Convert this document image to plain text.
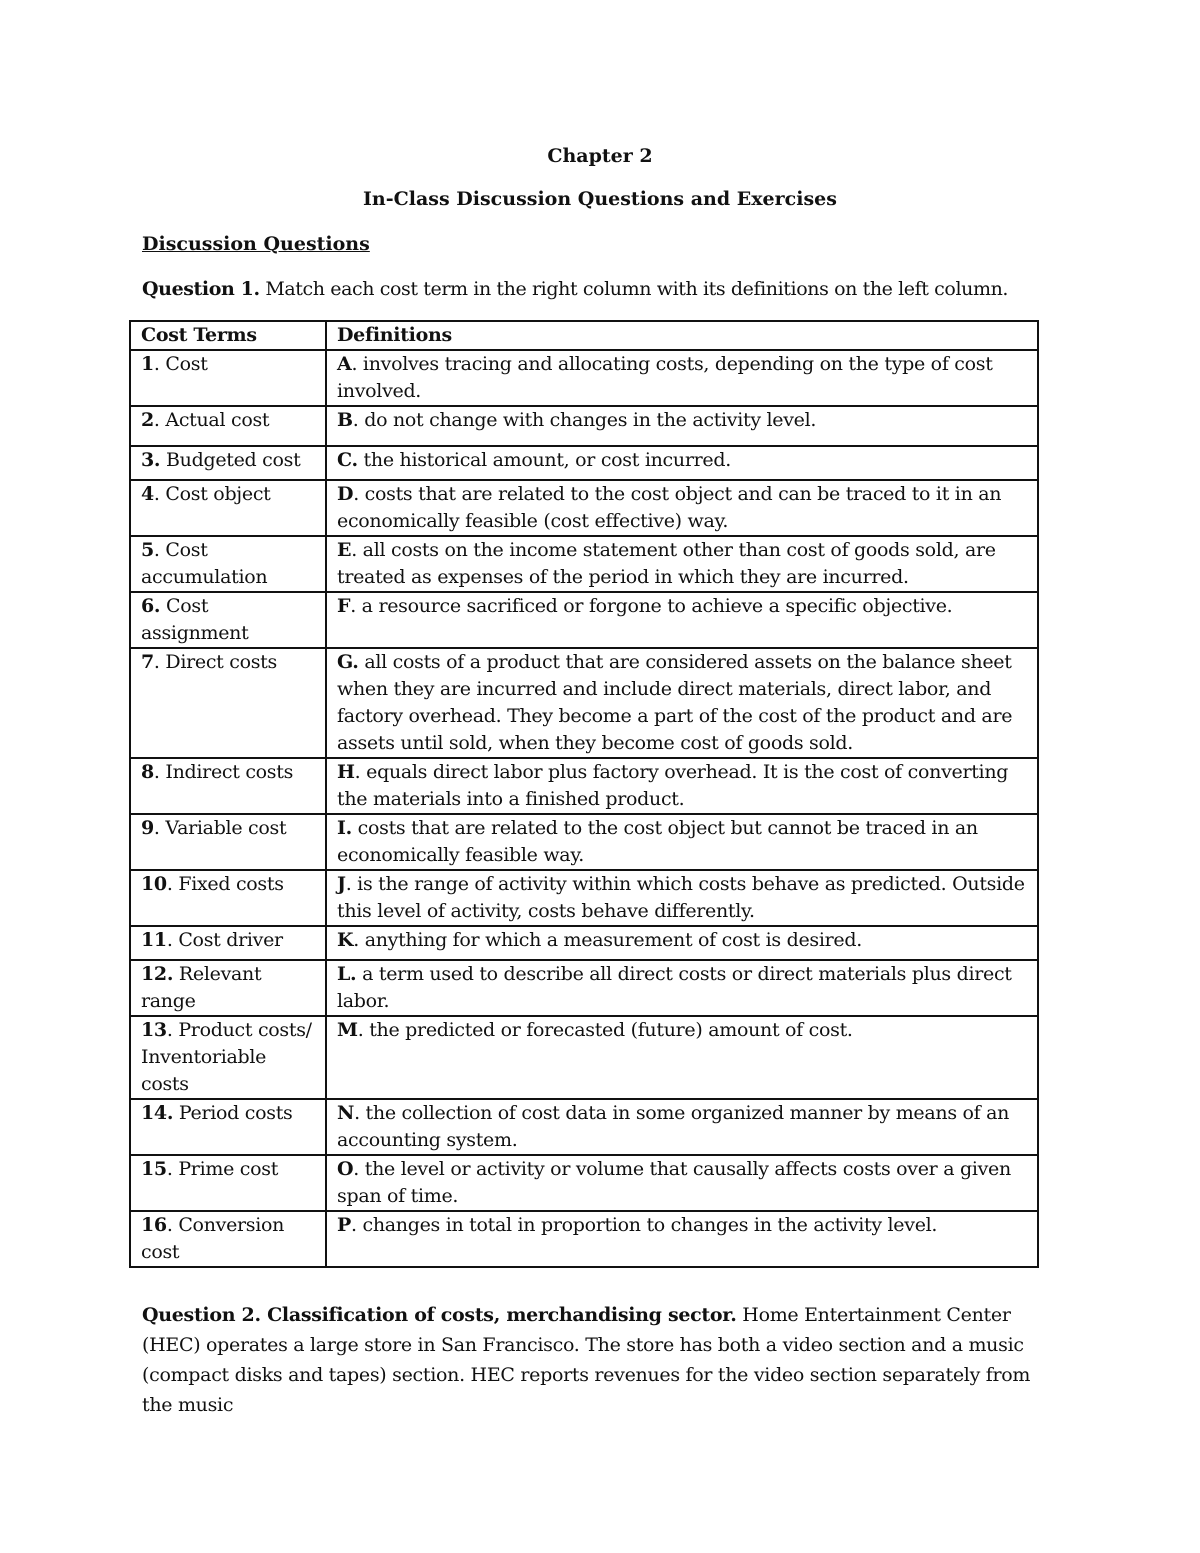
Chapter 2
In-Class Discussion Questions and Exercises
Discussion Questions
Question 1. Match each cost term in the right column with its definitions on the left column.
Cost Terms	Definitions
1. Cost	A. involves tracing and allocating costs, depending on the type of cost involved.
2. Actual cost	B. do not change with changes in the activity level.
3. Budgeted cost	C. the historical amount, or cost incurred.
4. Cost object	D. costs that are related to the cost object and can be traced to it in an economically feasible (cost effective) way.
5. Cost accumulation	E. all costs on the income statement other than cost of goods sold, are treated as expenses of the period in which they are incurred.
6. Cost assignment	F. a resource sacrificed or forgone to achieve a specific objective.
7. Direct costs	G. all costs of a product that are considered assets on the balance sheet when they are incurred and include direct materials, direct labor, and factory overhead. They become a part of the cost of the product and are assets until sold, when they become cost of goods sold.
8. Indirect costs	H. equals direct labor plus factory overhead. It is the cost of converting the materials into a finished product.
9. Variable cost	I. costs that are related to the cost object but cannot be traced in an economically feasible way.
10. Fixed costs	J. is the range of activity within which costs behave as predicted. Outside this level of activity, costs behave differently.
11. Cost driver	K. anything for which a measurement of cost is desired.
12. Relevant range	L. a term used to describe all direct costs or direct materials plus direct labor.
13. Product costs/ Inventoriable costs	M. the predicted or forecasted (future) amount of cost.
14. Period costs	N. the collection of cost data in some organized manner by means of an accounting system.
15. Prime cost	O. the level or activity or volume that causally affects costs over a given span of time.
16. Conversion cost	P. changes in total in proportion to changes in the activity level.
Question 2. Classification of costs, merchandising sector. Home Entertainment Center (HEC) operates a large store in San Francisco. The store has both a video section and a music (compact disks and tapes) section. HEC reports revenues for the video section separately from the music
